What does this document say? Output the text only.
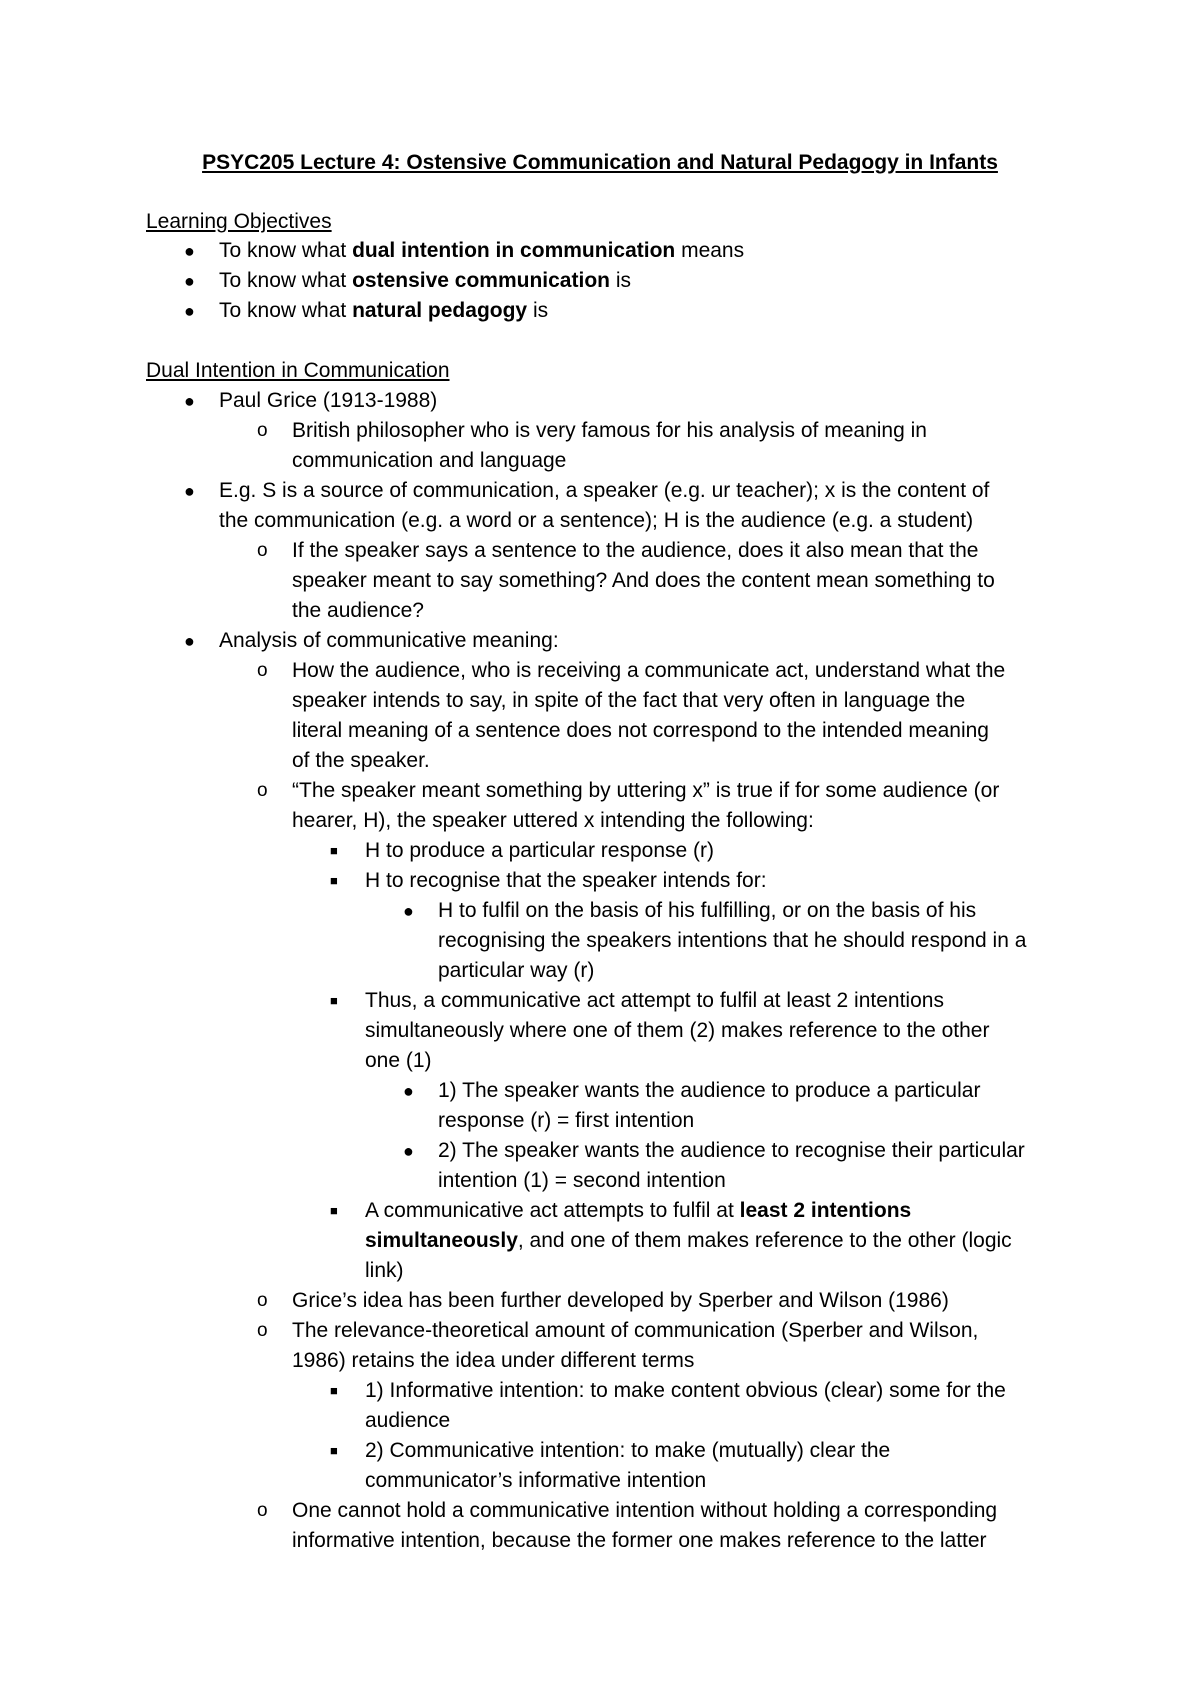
PSYC205 Lecture 4: Ostensive Communication and Natural Pedagogy in Infants
Learning Objectives
● To know what dual intention in communication means
● To know what ostensive communication is
● To know what natural pedagogy is
Dual Intention in Communication
● Paul Grice (1913-1988)
o British philosopher who is very famous for his analysis of meaning in
communication and language
● E.g. S is a source of communication, a speaker (e.g. ur teacher); x is the content of
the communication (e.g. a word or a sentence); H is the audience (e.g. a student)
o If the speaker says a sentence to the audience, does it also mean that the
speaker meant to say something? And does the content mean something to
the audience?
● Analysis of communicative meaning:
o How the audience, who is receiving a communicate act, understand what the
speaker intends to say, in spite of the fact that very often in language the
literal meaning of a sentence does not correspond to the intended meaning
of the speaker.
o “The speaker meant something by uttering x” is true if for some audience (or
hearer, H), the speaker uttered x intending the following:
■ H to produce a particular response (r)
■ H to recognise that the speaker intends for:
● H to fulfil on the basis of his fulfilling, or on the basis of his
recognising the speakers intentions that he should respond in a
particular way (r)
■ Thus, a communicative act attempt to fulfil at least 2 intentions
simultaneously where one of them (2) makes reference to the other
one (1)
● 1) The speaker wants the audience to produce a particular
response (r) = first intention
● 2) The speaker wants the audience to recognise their particular
intention (1) = second intention
■ A communicative act attempts to fulfil at least 2 intentions
simultaneously, and one of them makes reference to the other (logic
link)
o Grice’s idea has been further developed by Sperber and Wilson (1986)
o The relevance-theoretical amount of communication (Sperber and Wilson,
1986) retains the idea under different terms
■ 1) Informative intention: to make content obvious (clear) some for the
audience
■ 2) Communicative intention: to make (mutually) clear the
communicator’s informative intention
o One cannot hold a communicative intention without holding a corresponding
informative intention, because the former one makes reference to the latter
